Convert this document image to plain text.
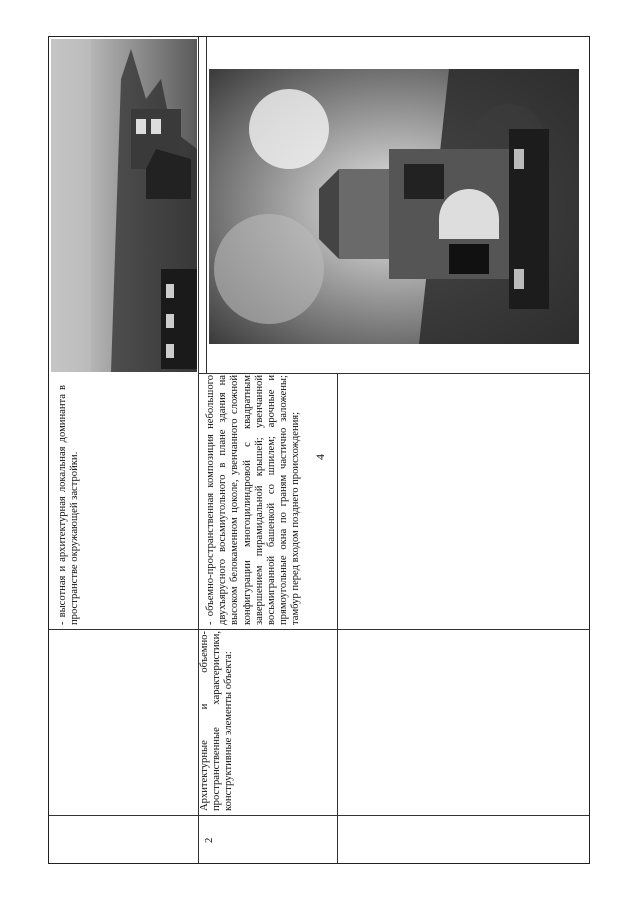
4
2
Архитектурные и объемно-пространственные характеристики, конструктивные элементы объекта:
- высотная и архитектурная локальная доминанта в пространстве окружающей застройки.	- объемно-пространственная композиция небольшого двухъярусного восьмиугольного в плане здания на высоком белокаменном цоколе, увенчанного сложной конфигурации многоцилиндровой с квадратным завершением пирамидальной крышей; увенчанной восьмигранной башенкой со шпилем; арочные и прямоугольные окна по граням частично заложены; тамбур перед входом позднего происхождения;
